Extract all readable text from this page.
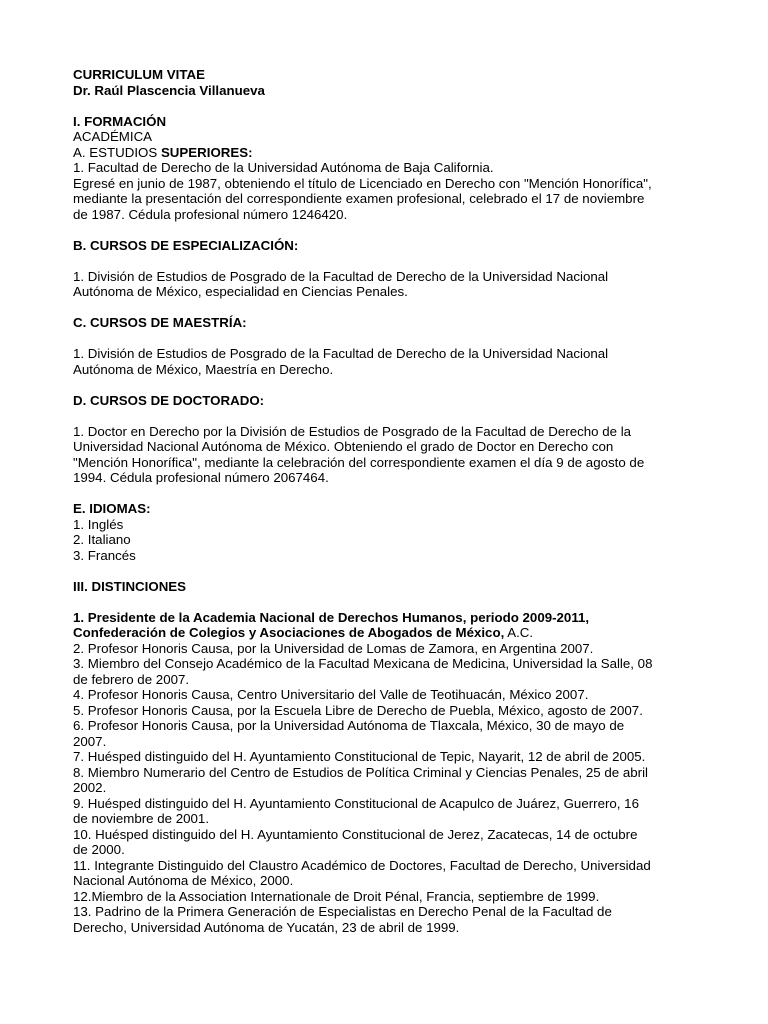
CURRICULUM VITAE

Dr. Raúl Plascencia Villanueva

I. FORMACIÓN

ACADÉMICA

A. ESTUDIOS SUPERIORES:

1. Facultad de Derecho de la Universidad Autónoma de Baja California.

Egresé en junio de 1987, obteniendo el título de Licenciado en Derecho con "Mención Honorífica",

mediante la presentación del correspondiente examen profesional, celebrado el 17 de noviembre

de 1987. Cédula profesional número 1246420.

B. CURSOS DE ESPECIALIZACIÓN:

1. División de Estudios de Posgrado de la Facultad de Derecho de la Universidad Nacional

Autónoma de México, especialidad en Ciencias Penales.

C. CURSOS DE MAESTRÍA:

1. División de Estudios de Posgrado de la Facultad de Derecho de la Universidad Nacional

Autónoma de México, Maestría en Derecho.

D. CURSOS DE DOCTORADO:

1. Doctor en Derecho por la División de Estudios de Posgrado de la Facultad de Derecho de la

Universidad Nacional Autónoma de México. Obteniendo el grado de Doctor en Derecho con

"Mención Honorífica", mediante la celebración del correspondiente examen el día 9 de agosto de

1994. Cédula profesional número 2067464.

E. IDIOMAS:

1. Inglés

2. Italiano

3. Francés

III. DISTINCIONES

1. Presidente de la Academia Nacional de Derechos Humanos, periodo 2009-2011,

Confederación de Colegios y Asociaciones de Abogados de México, A.C.

2. Profesor Honoris Causa, por la Universidad de Lomas de Zamora, en Argentina 2007.

3. Miembro del Consejo Académico de la Facultad Mexicana de Medicina, Universidad la Salle, 08

de febrero de 2007.

4. Profesor Honoris Causa, Centro Universitario del Valle de Teotihuacán, México 2007.

5. Profesor Honoris Causa, por la Escuela Libre de Derecho de Puebla, México, agosto de 2007.

6. Profesor Honoris Causa, por la Universidad Autónoma de Tlaxcala, México, 30 de mayo de

2007.

7. Huésped distinguido del H. Ayuntamiento Constitucional de Tepic, Nayarit, 12 de abril de 2005.

8. Miembro Numerario del Centro de Estudios de Política Criminal y Ciencias Penales, 25 de abril

2002.

9. Huésped distinguido del H. Ayuntamiento Constitucional de Acapulco de Juárez, Guerrero, 16

de noviembre de 2001.

10. Huésped distinguido del H. Ayuntamiento Constitucional de Jerez, Zacatecas, 14 de octubre

de 2000.

11. Integrante Distinguido del Claustro Académico de Doctores, Facultad de Derecho, Universidad

Nacional Autónoma de México, 2000.

12.Miembro de la Association Internationale de Droit Pénal, Francia, septiembre de 1999.

13. Padrino de la Primera Generación de Especialistas en Derecho Penal de la Facultad de

Derecho, Universidad Autónoma de Yucatán, 23 de abril de 1999.
